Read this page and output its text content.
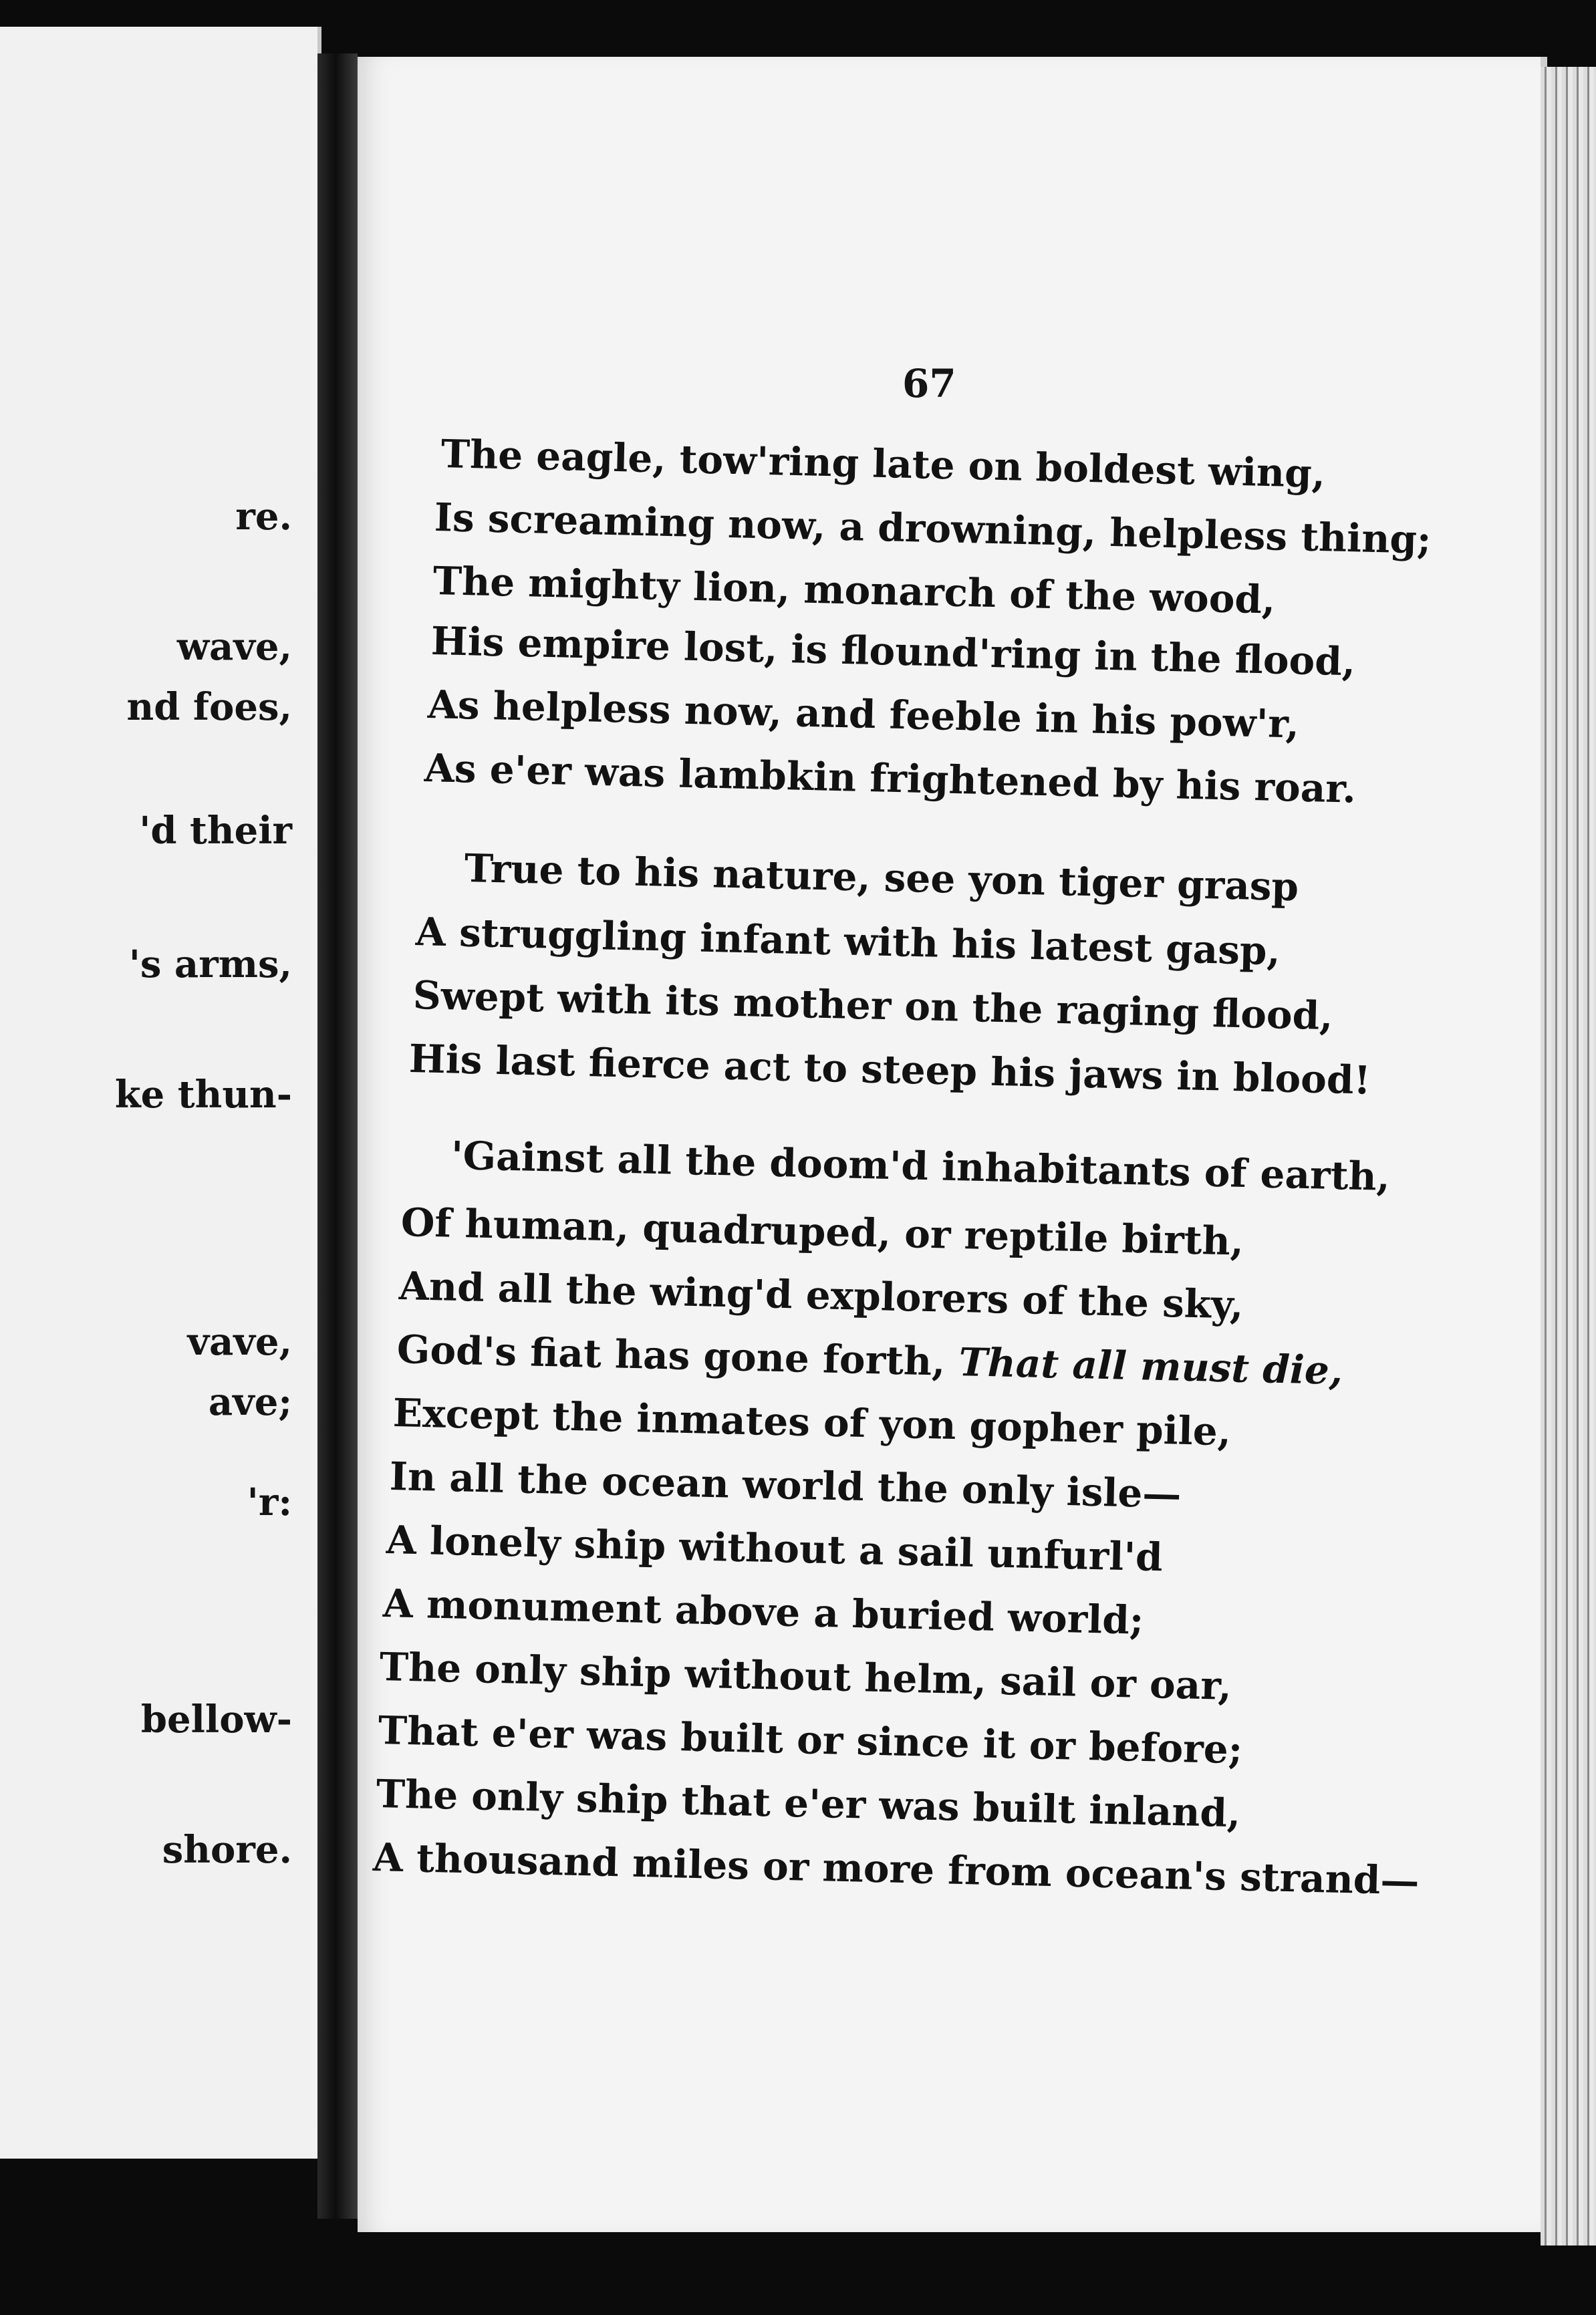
re.
wave,
nd foes,
'd their
's arms,
ke thun-
vave,
ave;
'r:
bellow-
shore.
67
The eagle, tow'ring late on boldest wing,
Is screaming now, a drowning, helpless thing;
The mighty lion, monarch of the wood,
His empire lost, is flound'ring in the flood,
As helpless now, and feeble in his pow'r,
As e'er was lambkin frightened by his roar.
True to his nature, see yon tiger grasp
A struggling infant with his latest gasp,
Swept with its mother on the raging flood,
His last fierce act to steep his jaws in blood!
'Gainst all the doom'd inhabitants of earth,
Of human, quadruped, or reptile birth,
And all the wing'd explorers of the sky,
God's fiat has gone forth, That all must die,
Except the inmates of yon gopher pile,
In all the ocean world the only isle—
A lonely ship without a sail unfurl'd
A monument above a buried world;
The only ship without helm, sail or oar,
That e'er was built or since it or before;
The only ship that e'er was built inland,
A thousand miles or more from ocean's strand—
